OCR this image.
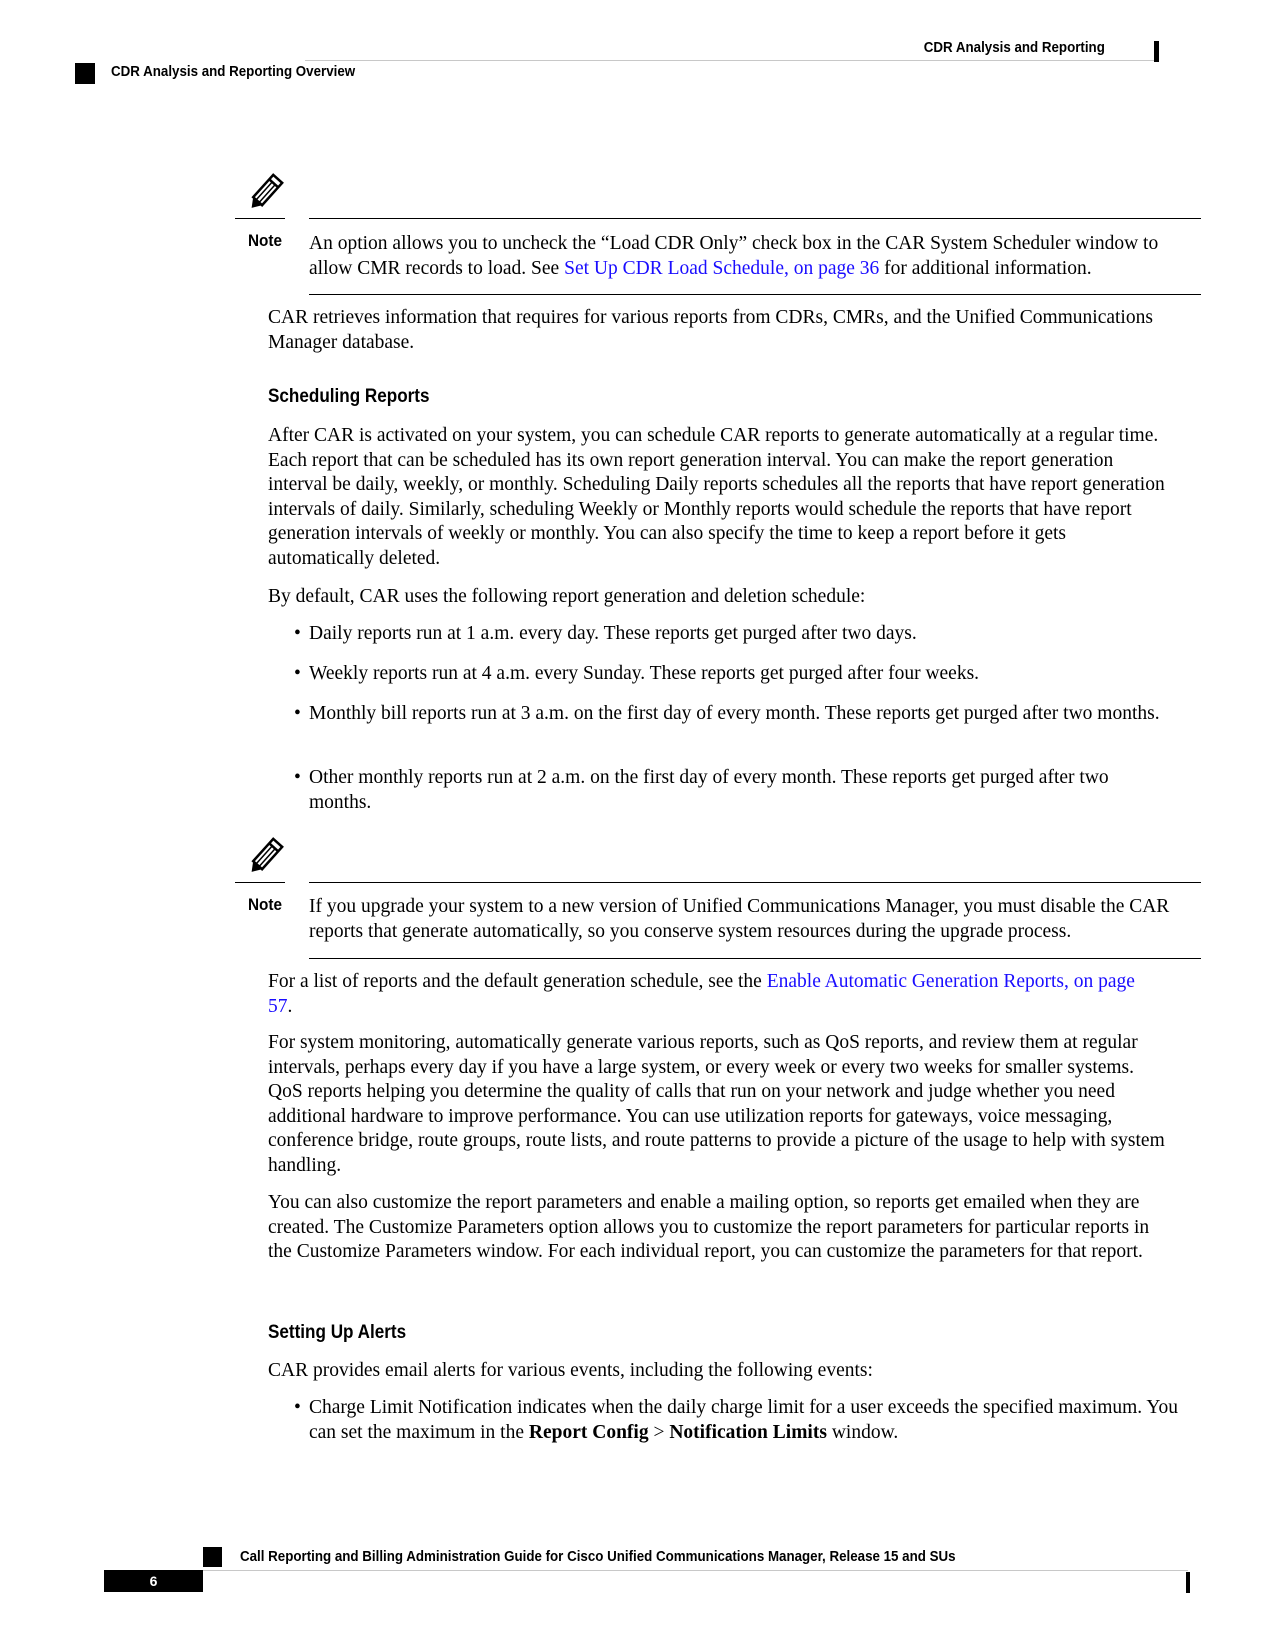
CDR Analysis and Reporting
CDR Analysis and Reporting Overview
Note An option allows you to uncheck the “Load CDR Only” check box in the CAR System Scheduler window to
allow CMR records to load. See Set Up CDR Load Schedule, on page 36 for additional information.

CAR retrieves information that requires for various reports from CDRs, CMRs, and the Unified Communications Manager database.

Scheduling Reports

After CAR is activated on your system, you can schedule CAR reports to generate automatically at a regular time. Each report that can be scheduled has its own report generation interval. You can make the report generation interval be daily, weekly, or monthly. Scheduling Daily reports schedules all the reports that have report generation intervals of daily. Similarly, scheduling Weekly or Monthly reports would schedule the reports that have report generation intervals of weekly or monthly. You can also specify the time to keep a report before it gets automatically deleted.

By default, CAR uses the following report generation and deletion schedule:

• Daily reports run at 1 a.m. every day. These reports get purged after two days.
• Weekly reports run at 4 a.m. every Sunday. These reports get purged after four weeks.
• Monthly bill reports run at 3 a.m. on the first day of every month. These reports get purged after two months.
• Other monthly reports run at 2 a.m. on the first day of every month. These reports get purged after two months.
Note If you upgrade your system to a new version of Unified Communications Manager, you must disable the CAR reports that generate automatically, so you conserve system resources during the upgrade process.

For a list of reports and the default generation schedule, see the Enable Automatic Generation Reports, on page 57.

For system monitoring, automatically generate various reports, such as QoS reports, and review them at regular intervals, perhaps every day if you have a large system, or every week or every two weeks for smaller systems. QoS reports helping you determine the quality of calls that run on your network and judge whether you need additional hardware to improve performance. You can use utilization reports for gateways, voice messaging, conference bridge, route groups, route lists, and route patterns to provide a picture of the usage to help with system handling.

You can also customize the report parameters and enable a mailing option, so reports get emailed when they are created. The Customize Parameters option allows you to customize the report parameters for particular reports in the Customize Parameters window. For each individual report, you can customize the parameters for that report.

Setting Up Alerts

CAR provides email alerts for various events, including the following events:

• Charge Limit Notification indicates when the daily charge limit for a user exceeds the specified maximum. You can set the maximum in the Report Config > Notification Limits window.
Call Reporting and Billing Administration Guide for Cisco Unified Communications Manager, Release 15 and SUs
6
